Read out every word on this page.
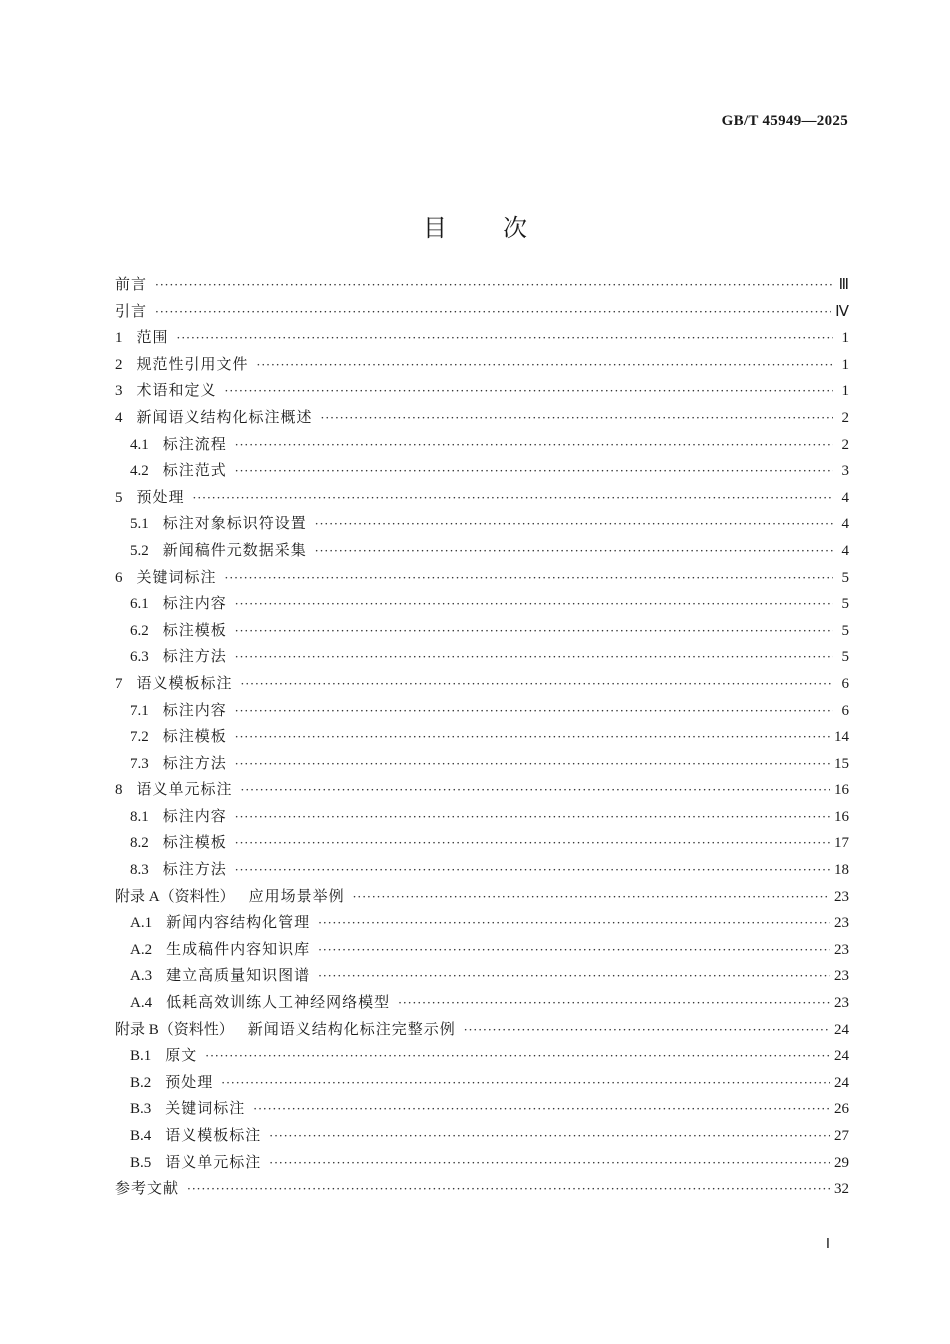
GB/T 45949—2025
目次
前言 ·····	Ⅲ
引言 ·····	Ⅳ
1 范围 ·····	1
2 规范性引用文件 ·····	1
3 术语和定义 ·····	1
4 新闻语义结构化标注概述 ·····	2
4.1 标注流程 ·····	2
4.2 标注范式 ·····	3
5 预处理 ·····	4
5.1 标注对象标识符设置 ·····	4
5.2 新闻稿件元数据采集 ·····	4
6 关键词标注 ·····	5
6.1 标注内容 ·····	5
6.2 标注模板 ·····	5
6.3 标注方法 ·····	5
7 语义模板标注 ·····	6
7.1 标注内容 ·····	6
7.2 标注模板 ·····	14
7.3 标注方法 ·····	15
8 语义单元标注 ·····	16
8.1 标注内容 ·····	16
8.2 标注模板 ·····	17
8.3 标注方法 ·····	18
附录 A（资料性） 应用场景举例 ·····	23
A.1 新闻内容结构化管理 ·····	23
A.2 生成稿件内容知识库 ·····	23
A.3 建立高质量知识图谱 ·····	23
A.4 低耗高效训练人工神经网络模型 ·····	23
附录 B（资料性） 新闻语义结构化标注完整示例 ·····	24
B.1 原文 ·····	24
B.2 预处理 ·····	24
B.3 关键词标注 ·····	26
B.4 语义模板标注 ·····	27
B.5 语义单元标注 ·····	29
参考文献 ·····	32
Ⅰ
